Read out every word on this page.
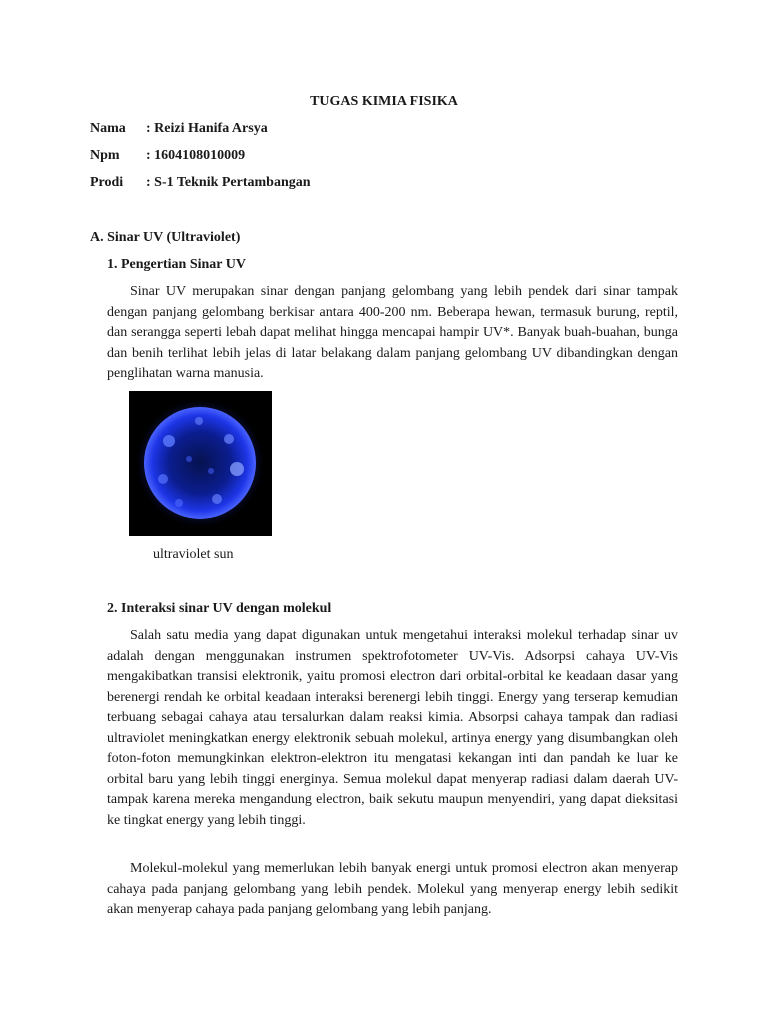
TUGAS KIMIA FISIKA
Nama : Reizi Hanifa Arsya
Npm : 1604108010009
Prodi : S-1 Teknik Pertambangan
A. Sinar UV (Ultraviolet)
1. Pengertian Sinar UV

Sinar UV merupakan sinar dengan panjang gelombang yang lebih pendek dari sinar tampak dengan panjang gelombang berkisar antara 400-200 nm. Beberapa hewan, termasuk burung, reptil, dan serangga seperti lebah dapat melihat hingga mencapai hampir UV*. Banyak buah-buahan, bunga dan benih terlihat lebih jelas di latar belakang dalam panjang gelombang UV dibandingkan dengan penglihatan warna manusia.

ultraviolet sun
2. Interaksi sinar UV dengan molekul

Salah satu media yang dapat digunakan untuk mengetahui interaksi molekul terhadap sinar uv adalah dengan menggunakan instrumen spektrofotometer UV-Vis. Adsorpsi cahaya UV-Vis mengakibatkan transisi elektronik, yaitu promosi electron dari orbital-orbital ke keadaan dasar yang berenergi rendah ke orbital keadaan interaksi berenergi lebih tinggi. Energy yang terserap kemudian terbuang sebagai cahaya atau tersalurkan dalam reaksi kimia. Absorpsi cahaya tampak dan radiasi ultraviolet meningkatkan energy elektronik sebuah molekul, artinya energy yang disumbangkan oleh foton-foton memungkinkan elektron-elektron itu mengatasi kekangan inti dan pandah ke luar ke orbital baru yang lebih tinggi energinya. Semua molekul dapat menyerap radiasi dalam daerah UV-tampak karena mereka mengandung electron, baik sekutu maupun menyendiri, yang dapat dieksitasi ke tingkat energy yang lebih tinggi.

Molekul-molekul yang memerlukan lebih banyak energi untuk promosi electron akan menyerap cahaya pada panjang gelombang yang lebih pendek. Molekul yang menyerap energy lebih sedikit akan menyerap cahaya pada panjang gelombang yang lebih panjang.
